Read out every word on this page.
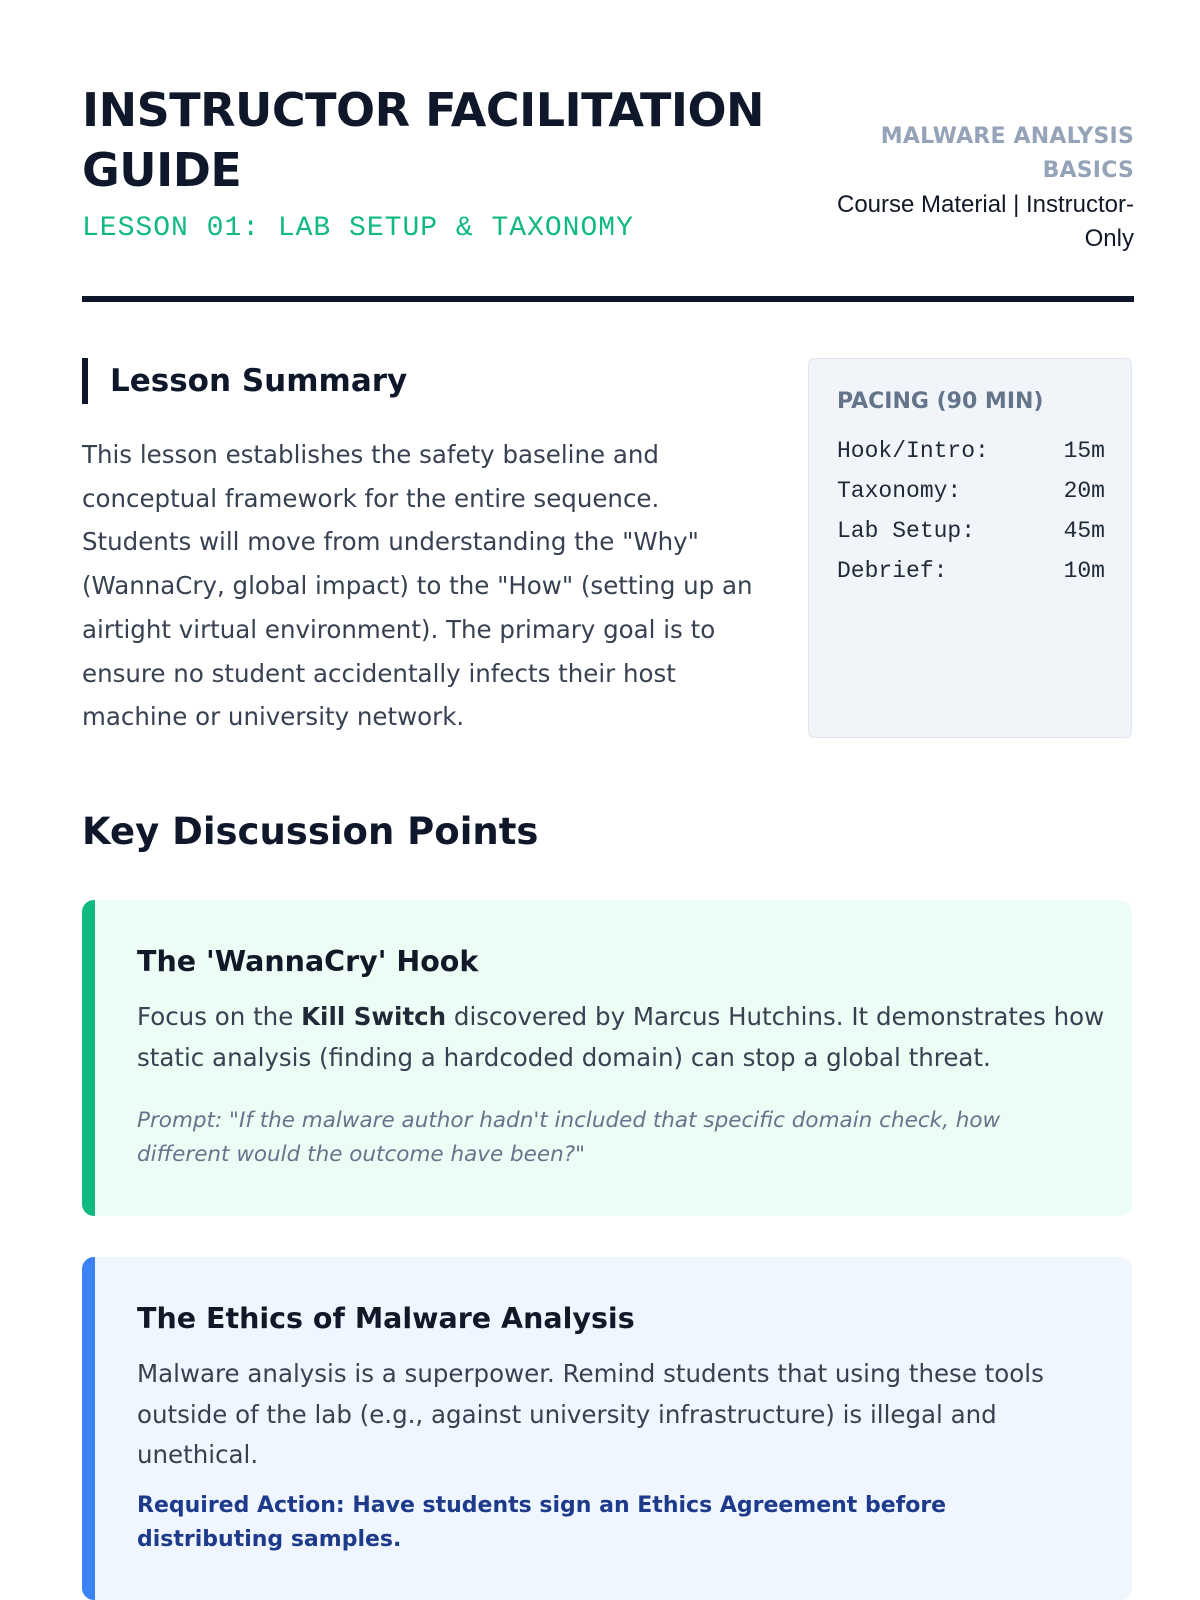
INSTRUCTOR FACILITATION GUIDE
LESSON 01: LAB SETUP & TAXONOMY
MALWARE ANALYSIS BASICS
Course Material | Instructor-Only
Lesson Summary
This lesson establishes the safety baseline and conceptual framework for the entire sequence. Students will move from understanding the "Why" (WannaCry, global impact) to the "How" (setting up an airtight virtual environment). The primary goal is to ensure no student accidentally infects their host machine or university network.
PACING (90 MIN)
Hook/Intro:	15m
Taxonomy:	20m
Lab Setup:	45m
Debrief:	10m
Key Discussion Points
The 'WannaCry' Hook
Focus on the Kill Switch discovered by Marcus Hutchins. It demonstrates how static analysis (finding a hardcoded domain) can stop a global threat.
Prompt: "If the malware author hadn't included that specific domain check, how different would the outcome have been?"
The Ethics of Malware Analysis
Malware analysis is a superpower. Remind students that using these tools outside of the lab (e.g., against university infrastructure) is illegal and unethical.
Required Action: Have students sign an Ethics Agreement before distributing samples.
